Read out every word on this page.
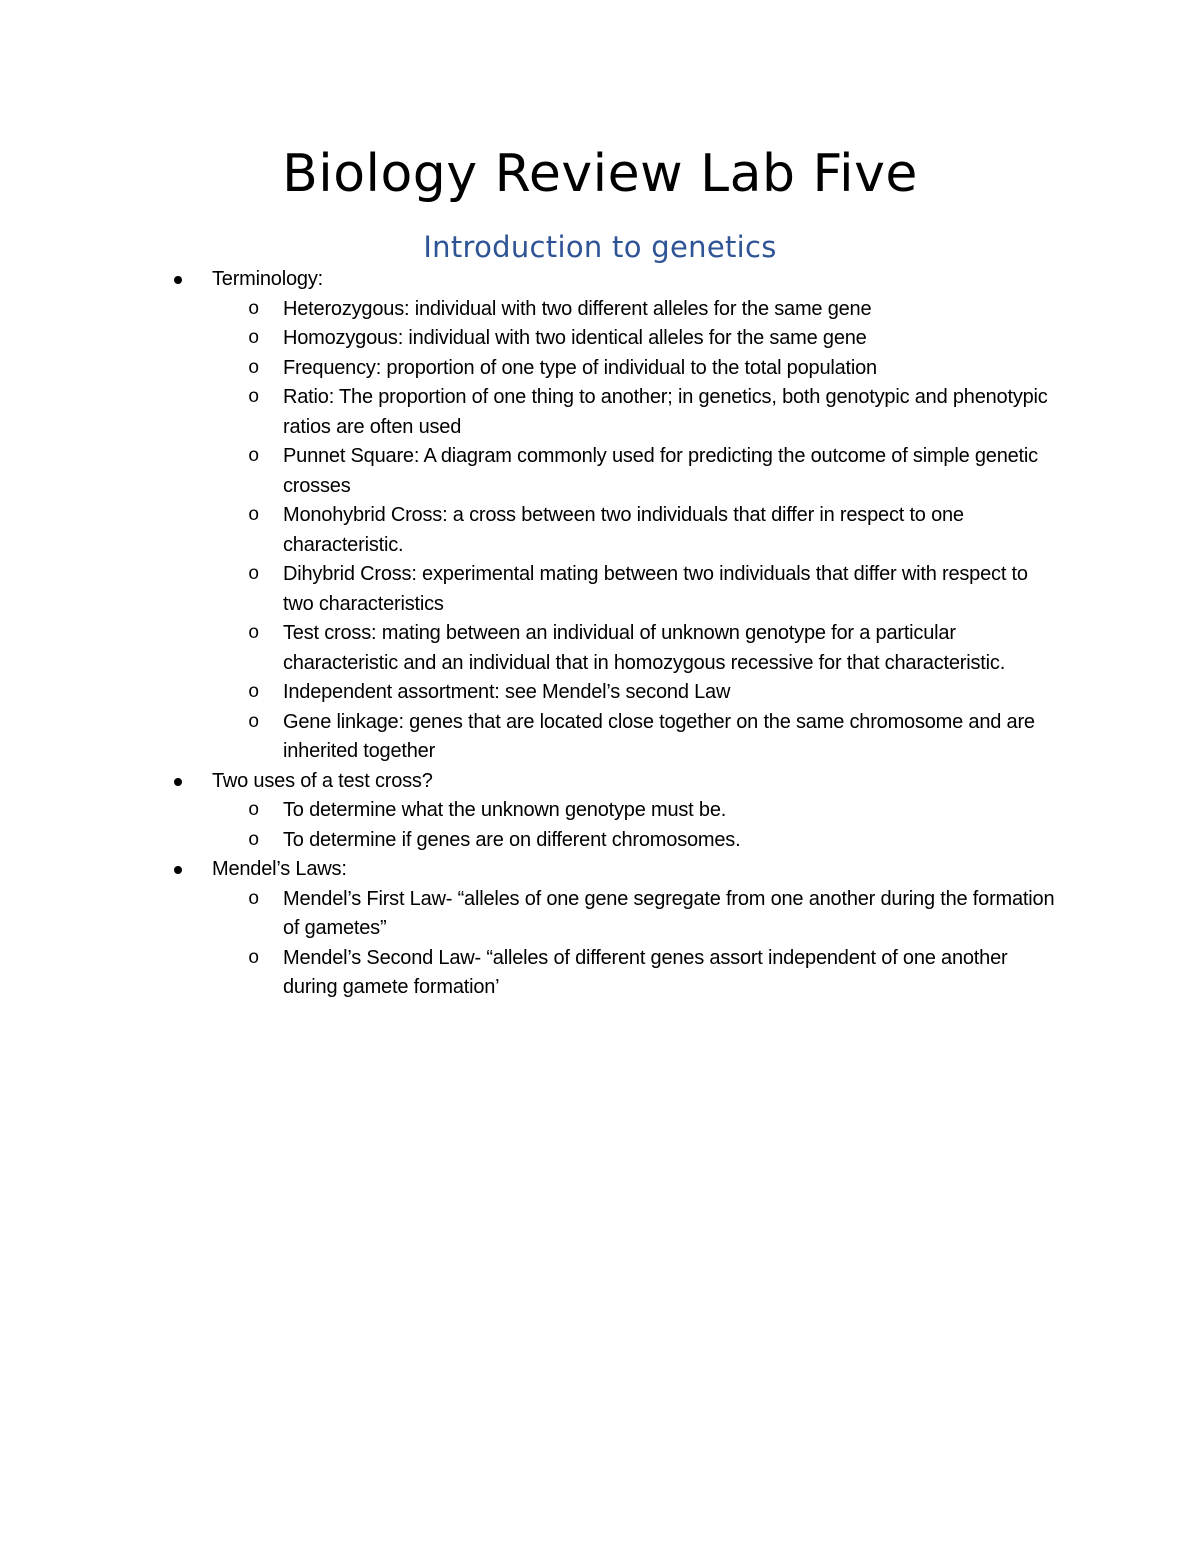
Biology Review Lab Five
Introduction to genetics
Terminology:
o	Heterozygous: individual with two different alleles for the same gene
o	Homozygous: individual with two identical alleles for the same gene
o	Frequency: proportion of one type of individual to the total population
o	Ratio: The proportion of one thing to another; in genetics, both genotypic and phenotypic ratios are often used
o	Punnet Square: A diagram commonly used for predicting the outcome of simple genetic crosses
o	Monohybrid Cross: a cross between two individuals that differ in respect to one characteristic.
o	Dihybrid Cross: experimental mating between two individuals that differ with respect to two characteristics
o	Test cross: mating between an individual of unknown genotype for a particular characteristic and an individual that in homozygous recessive for that characteristic.
o	Independent assortment: see Mendel’s second Law
o	Gene linkage: genes that are located close together on the same chromosome and are inherited together
Two uses of a test cross?
o	To determine what the unknown genotype must be.
o	To determine if genes are on different chromosomes.
Mendel’s Laws:
o	Mendel’s First Law- “alleles of one gene segregate from one another during the formation of gametes”
o	Mendel’s Second Law- “alleles of different genes assort independent of one another during gamete formation’
